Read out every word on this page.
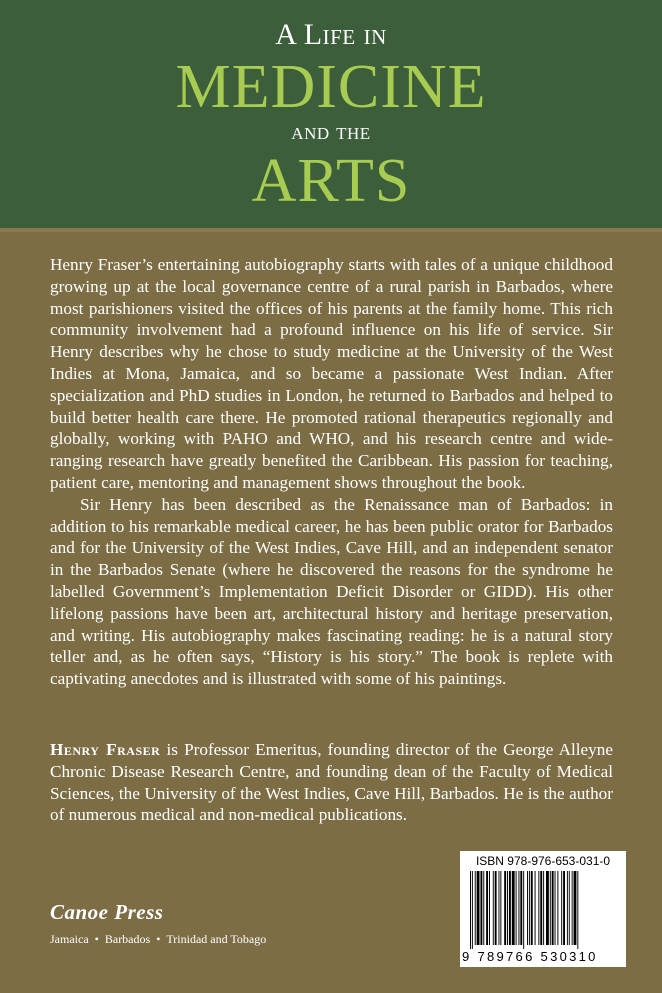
A Life in
MEDICINE
and the
ARTS

Henry Fraser’s entertaining autobiography starts with tales of a unique childhood growing up at the local governance centre of a rural parish in Barbados, where most parishioners visited the offices of his parents at the family home. This rich community involvement had a profound influence on his life of service. Sir Henry describes why he chose to study medicine at the University of the West Indies at Mona, Jamaica, and so became a passionate West Indian. After specialization and PhD studies in London, he returned to Barbados and helped to build better health care there. He promoted rational therapeutics regionally and globally, working with PAHO and WHO, and his research centre and wide-ranging research have greatly benefited the Caribbean. His passion for teaching, patient care, mentoring and management shows throughout the book.

Sir Henry has been described as the Renaissance man of Barbados: in addition to his remarkable medical career, he has been public orator for Barbados and for the University of the West Indies, Cave Hill, and an independent senator in the Barbados Senate (where he discovered the reasons for the syndrome he labelled Government’s Implementation Deficit Disorder or GIDD). His other lifelong passions have been art, architectural history and heritage preservation, and writing. His autobiography makes fascinating reading: he is a natural story teller and, as he often says, “History is his story.” The book is replete with captivating anecdotes and is illustrated with some of his paintings.

Henry Fraser is Professor Emeritus, founding director of the George Alleyne Chronic Disease Research Centre, and founding dean of the Faculty of Medical Sciences, the University of the West Indies, Cave Hill, Barbados. He is the author of numerous medical and non-medical publications.

Canoe Press
Jamaica • Barbados • Trinidad and Tobago
ISBN 978-976-653-031-0
9 789766 530310
